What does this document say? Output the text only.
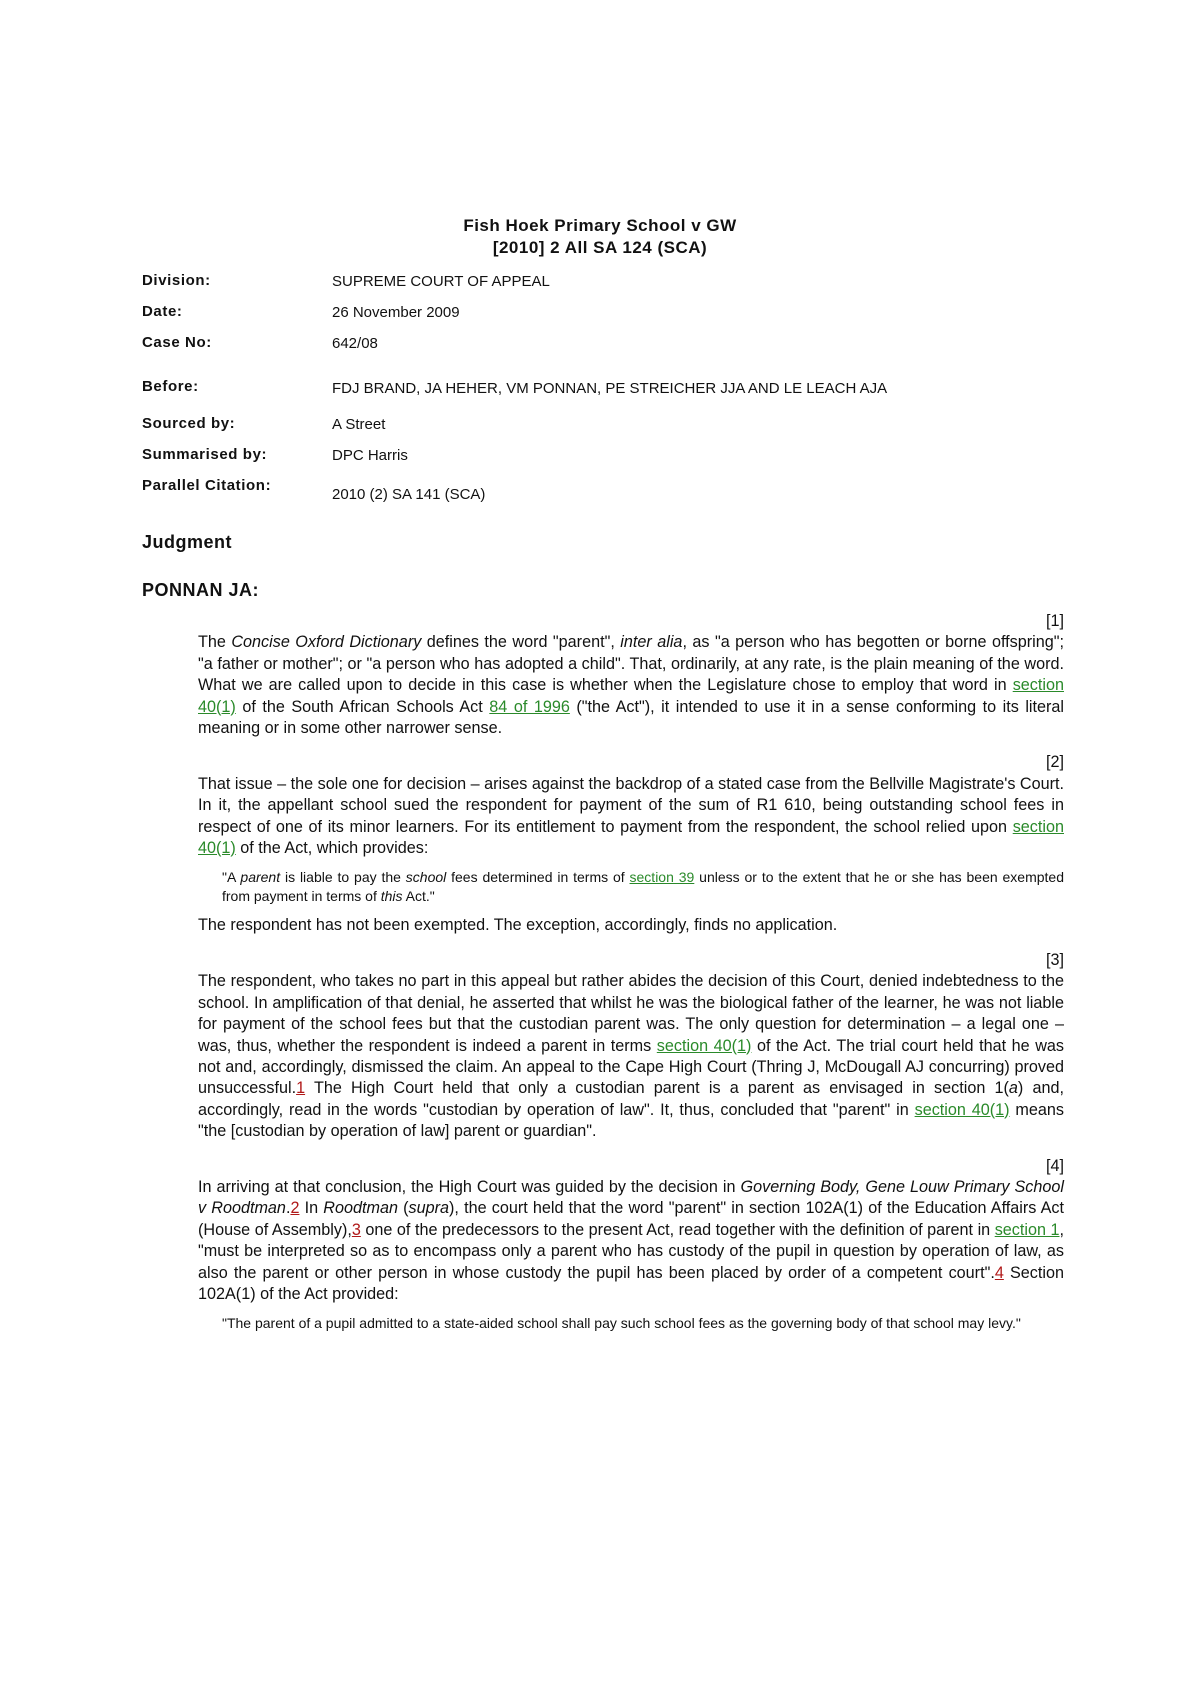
Fish Hoek Primary School v GW
[2010] 2 All SA 124 (SCA)
Division:	SUPREME COURT OF APPEAL
Date:	26 November 2009
Case No:	642/08
Before:	FDJ BRAND, JA HEHER, VM PONNAN, PE STREICHER JJA AND LE LEACH AJA
Sourced by:	A Street
Summarised by:	DPC Harris
Parallel Citation:
2010 (2) SA 141 (SCA)
Judgment
PONNAN JA:
[1]

The Concise Oxford Dictionary defines the word "parent", inter alia, as "a person who has begotten or borne offspring"; "a father or mother"; or "a person who has adopted a child". That, ordinarily, at any rate, is the plain meaning of the word. What we are called upon to decide in this case is whether when the Legislature chose to employ that word in section 40(1) of the South African Schools Act 84 of 1996 ("the Act"), it intended to use it in a sense conforming to its literal meaning or in some other narrower sense.

[2]

That issue – the sole one for decision – arises against the backdrop of a stated case from the Bellville Magistrate's Court. In it, the appellant school sued the respondent for payment of the sum of R1 610, being outstanding school fees in respect of one of its minor learners. For its entitlement to payment from the respondent, the school relied upon section 40(1) of the Act, which provides:

"A parent is liable to pay the school fees determined in terms of section 39 unless or to the extent that he or she has been exempted from payment in terms of this Act."

The respondent has not been exempted. The exception, accordingly, finds no application.

[3]

The respondent, who takes no part in this appeal but rather abides the decision of this Court, denied indebtedness to the school. In amplification of that denial, he asserted that whilst he was the biological father of the learner, he was not liable for payment of the school fees but that the custodian parent was. The only question for determination – a legal one – was, thus, whether the respondent is indeed a parent in terms section 40(1) of the Act. The trial court held that he was not and, accordingly, dismissed the claim. An appeal to the Cape High Court (Thring J, McDougall AJ concurring) proved unsuccessful.1 The High Court held that only a custodian parent is a parent as envisaged in section 1(a) and, accordingly, read in the words "custodian by operation of law". It, thus, concluded that "parent" in section 40(1) means "the [custodian by operation of law] parent or guardian".

[4]

In arriving at that conclusion, the High Court was guided by the decision in Governing Body, Gene Louw Primary School v Roodtman.2 In Roodtman (supra), the court held that the word "parent" in section 102A(1) of the Education Affairs Act (House of Assembly),3 one of the predecessors to the present Act, read together with the definition of parent in section 1, "must be interpreted so as to encompass only a parent who has custody of the pupil in question by operation of law, as also the parent or other person in whose custody the pupil has been placed by order of a competent court".4 Section 102A(1) of the Act provided:

"The parent of a pupil admitted to a state-aided school shall pay such school fees as the governing body of that school may levy."
